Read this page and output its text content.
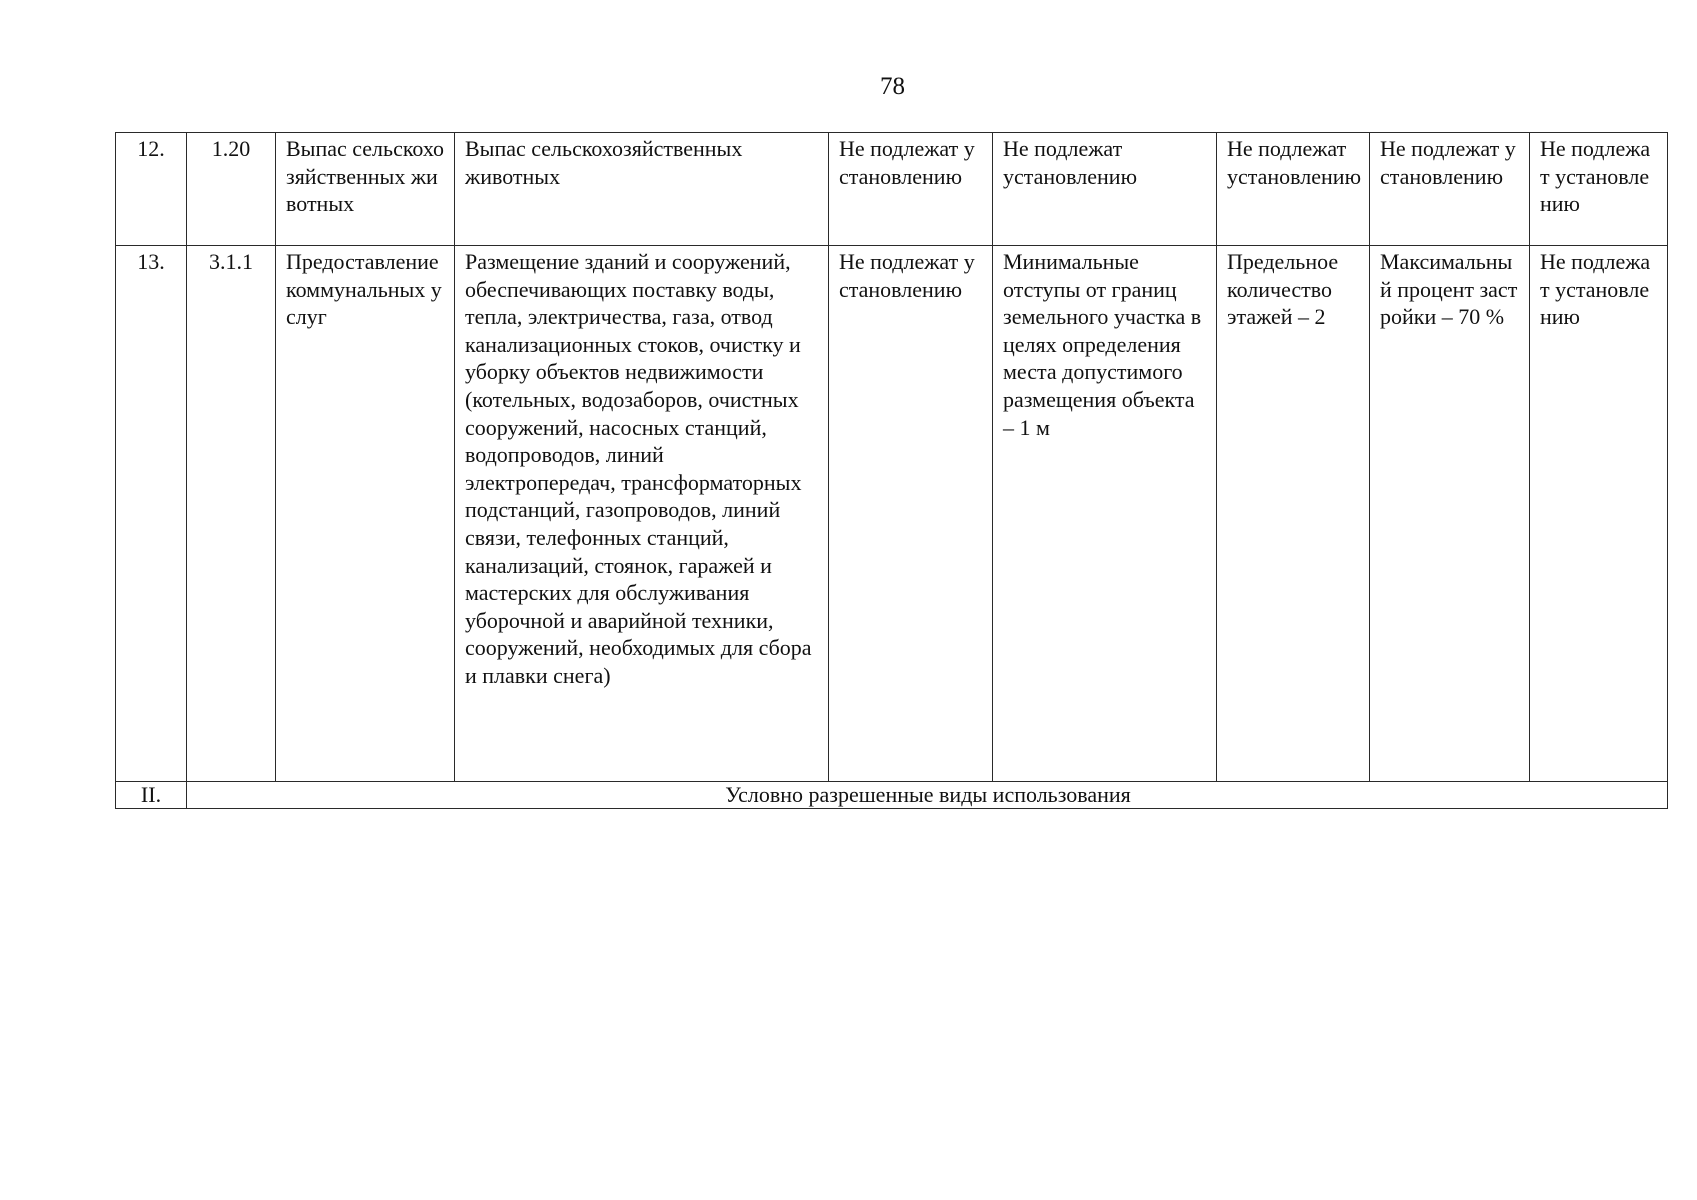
78
12.	1.20	Выпас сельскохозяйственных животных	Выпас сельскохозяйственных животных	Не подлежат установлению	Не подлежат установлению	Не подлежат установлению	Не подлежат установлению	Не подлежат установлению
13.	3.1.1	Предоставление коммунальных услуг	Размещение зданий и сооружений, обеспечивающих поставку воды, тепла, электричества, газа, отвод канализационных стоков, очистку и уборку объектов недвижимости (котельных, водозаборов, очистных сооружений, насосных станций, водопроводов, линий электропередач, трансформаторных подстанций, газопроводов, линий связи, телефонных станций, канализаций, стоянок, гаражей и мастерских для обслуживания уборочной и аварийной техники, сооружений, необходимых для сбора и плавки снега)	Не подлежат установлению	Минимальные отступы от границ земельного участка в целях определения места допустимого размещения объекта – 1 м	Предельное количество этажей – 2	Максимальный процент застройки – 70 %	Не подлежат установлению
II.	Условно разрешенные виды использования							
